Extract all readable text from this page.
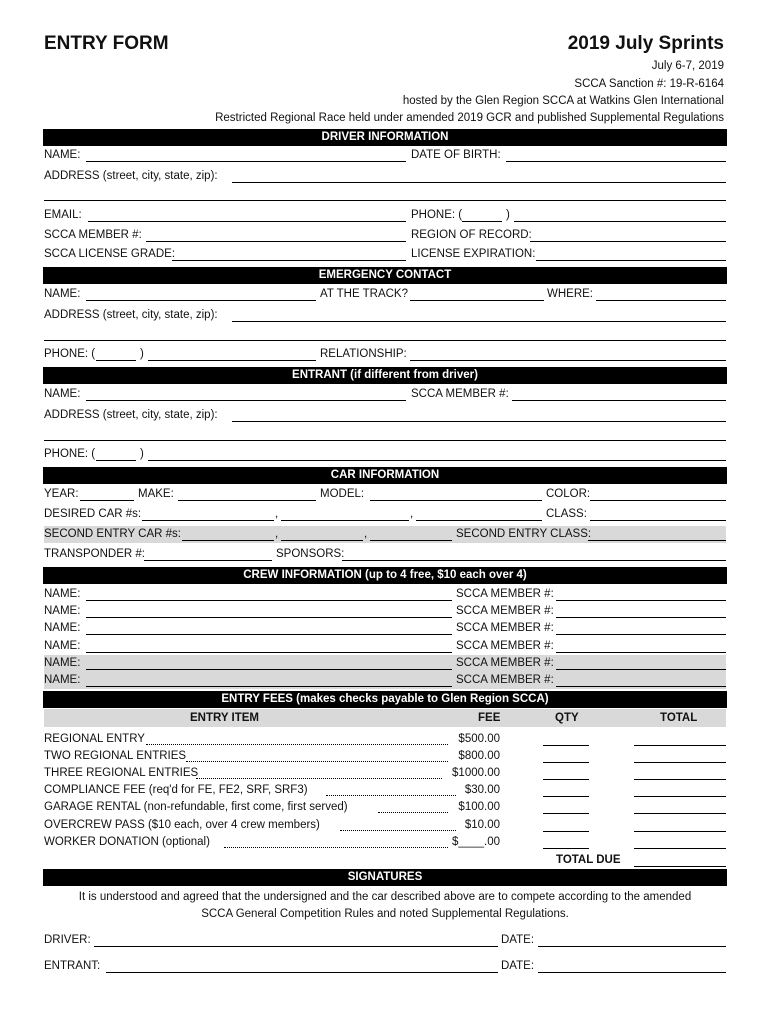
ENTRY FORM	2019 July Sprints
July 6-7, 2019
SCCA Sanction #: 19-R-6164
hosted by the Glen Region SCCA at Watkins Glen International
Restricted Regional Race held under amended 2019 GCR and published Supplemental Regulations
DRIVER INFORMATION
NAME:	DATE OF BIRTH:
ADDRESS (street, city, state, zip):
EMAIL:	PHONE: (	)
SCCA MEMBER #:	REGION OF RECORD:
SCCA LICENSE GRADE:	LICENSE EXPIRATION:
EMERGENCY CONTACT
NAME:	AT THE TRACK?	WHERE:
ADDRESS (street, city, state, zip):
PHONE: (	)	RELATIONSHIP:
ENTRANT (if different from driver)
NAME:	SCCA MEMBER #:
ADDRESS (street, city, state, zip):
PHONE: (	)
CAR INFORMATION
YEAR:	MAKE:	MODEL:	COLOR:
DESIRED CAR #s:	,	,	CLASS:
SECOND ENTRY CAR #s:	,	,	SECOND ENTRY CLASS:
TRANSPONDER #:	SPONSORS:
CREW INFORMATION (up to 4 free, $10 each over 4)
NAME:	SCCA MEMBER #:
NAME:	SCCA MEMBER #:
NAME:	SCCA MEMBER #:
NAME:	SCCA MEMBER #:
NAME:	SCCA MEMBER #:
NAME:	SCCA MEMBER #:
ENTRY FEES (makes checks payable to Glen Region SCCA)
ENTRY ITEM	FEE	QTY	TOTAL
REGIONAL ENTRY	$500.00
TWO REGIONAL ENTRIES	$800.00
THREE REGIONAL ENTRIES	$1000.00
COMPLIANCE FEE (req'd for FE, FE2, SRF, SRF3)	$30.00
GARAGE RENTAL (non-refundable, first come, first served)	$100.00
OVERCREW PASS ($10 each, over 4 crew members)	$10.00
WORKER DONATION (optional)	$____.00
TOTAL DUE
SIGNATURES
It is understood and agreed that the undersigned and the car described above are to compete according to the amended
SCCA General Competition Rules and noted Supplemental Regulations.
DRIVER:	DATE:
ENTRANT:	DATE:
